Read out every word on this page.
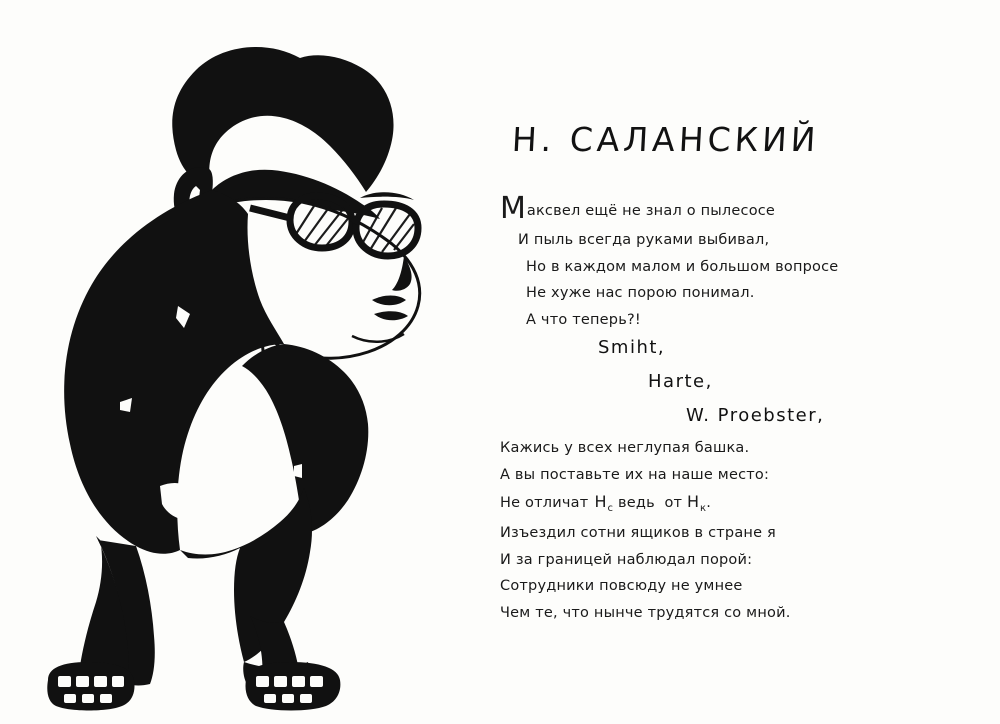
Н. САЛАНСКИЙ
Максвел ещё не знал о пылесосе
И пыль всегда руками выбивал,
Но в каждом малом и большом вопросе
Не хуже нас порою понимал.
А что теперь?!
Smiht,
Harte,
W. Proebster,
Кажись у всех неглупая башка.
А вы поставьте их на наше место:
Не отличат $H_с$ ведь  от $H_к$.
Изъездил сотни ящиков в стране я
И за границей наблюдал порой:
Сотрудники повсюду не умнее
Чем те, что нынче трудятся со мной.
